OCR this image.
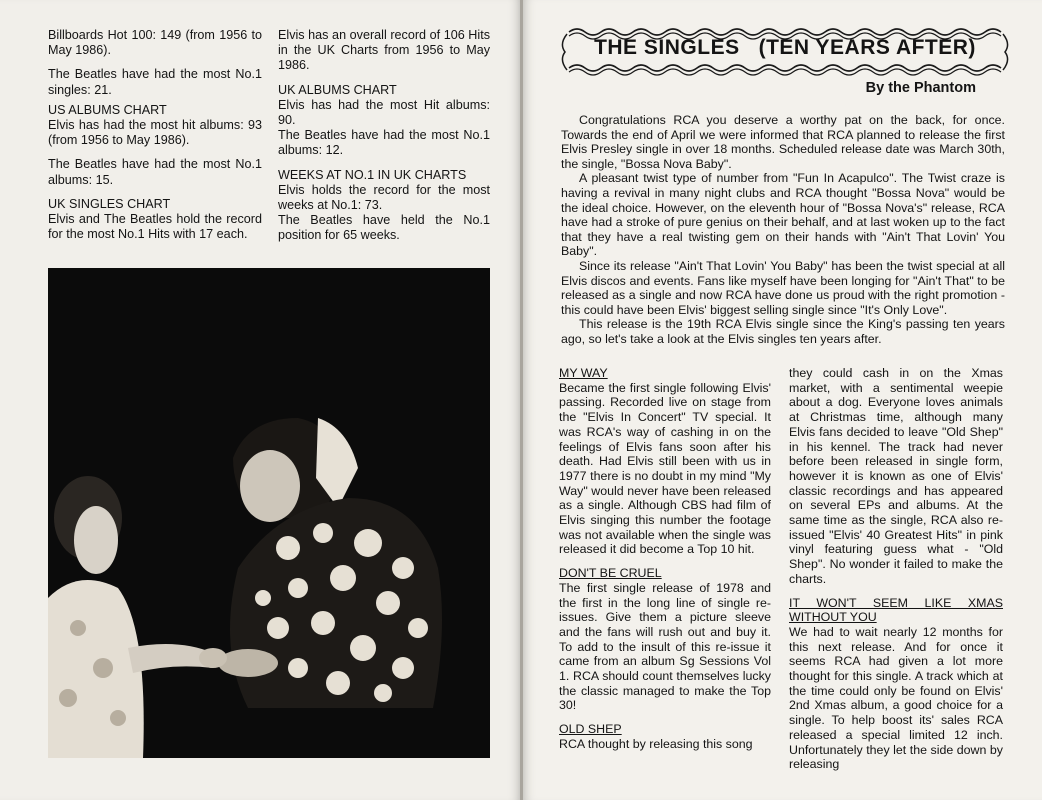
Billboards Hot 100: 149 (from 1956 to May 1986).

The Beatles have had the most No.1 singles: 21.

US ALBUMS CHART

Elvis has had the most hit albums: 93 (from 1956 to May 1986).

The Beatles have had the most No.1 albums: 15.

UK SINGLES CHART

Elvis and The Beatles hold the record for the most No.1 Hits with 17 each.

Elvis has an overall record of 106 Hits in the UK Charts from 1956 to May 1986.

UK ALBUMS CHART

Elvis has had the most Hit albums: 90.

The Beatles have had the most No.1 albums: 12.

WEEKS AT NO.1 IN UK CHARTS

Elvis holds the record for the most weeks at No.1: 73.

The Beatles have held the No.1 position for 65 weeks.

THE SINGLES   (TEN YEARS AFTER)
By the Phantom

Congratulations RCA you deserve a worthy pat on the back, for once. Towards the end of April we were informed that RCA planned to release the first Elvis Presley single in over 18 months. Scheduled release date was March 30th, the single, "Bossa Nova Baby".

A pleasant twist type of number from "Fun In Acapulco". The Twist craze is having a revival in many night clubs and RCA thought "Bossa Nova" would be the ideal choice. However, on the eleventh hour of "Bossa Nova's" release, RCA have had a stroke of pure genius on their behalf, and at last woken up to the fact that they have a real twisting gem on their hands with "Ain't That Lovin' You Baby".

Since its release "Ain't That Lovin' You Baby" has been the twist special at all Elvis discos and events. Fans like myself have been longing for "Ain't That" to be released as a single and now RCA have done us proud with the right promotion - this could have been Elvis' biggest selling single since "It's Only Love".

This release is the 19th RCA Elvis single since the King's passing ten years ago, so let's take a look at the Elvis singles ten years after.

MY WAY

Became the first single following Elvis' passing. Recorded live on stage from the "Elvis In Concert" TV special. It was RCA's way of cashing in on the feelings of Elvis fans soon after his death. Had Elvis still been with us in 1977 there is no doubt in my mind "My Way" would never have been released as a single. Although CBS had film of Elvis singing this number the footage was not available when the single was released it did become a Top 10 hit.

DON'T BE CRUEL

The first single release of 1978 and the first in the long line of single re-issues. Give them a picture sleeve and the fans will rush out and buy it. To add to the insult of this re-issue it came from an album Sg Sessions Vol 1. RCA should count themselves lucky the classic managed to make the Top 30!

OLD SHEP

RCA thought by releasing this song

they could cash in on the Xmas market, with a sentimental weepie about a dog. Everyone loves animals at Christmas time, although many Elvis fans decided to leave "Old Shep" in his kennel. The track had never before been released in single form, however it is known as one of Elvis' classic recordings and has appeared on several EPs and albums. At the same time as the single, RCA also re-issued "Elvis' 40 Greatest Hits" in pink vinyl featuring guess what - "Old Shep". No wonder it failed to make the charts.

IT WON'T SEEM LIKE XMAS WITHOUT YOU

We had to wait nearly 12 months for this next release. And for once it seems RCA had given a lot more thought for this single. A track which at the time could only be found on Elvis' 2nd Xmas album, a good choice for a single. To help boost its' sales RCA released a special limited 12 inch. Unfortunately they let the side down by releasing
